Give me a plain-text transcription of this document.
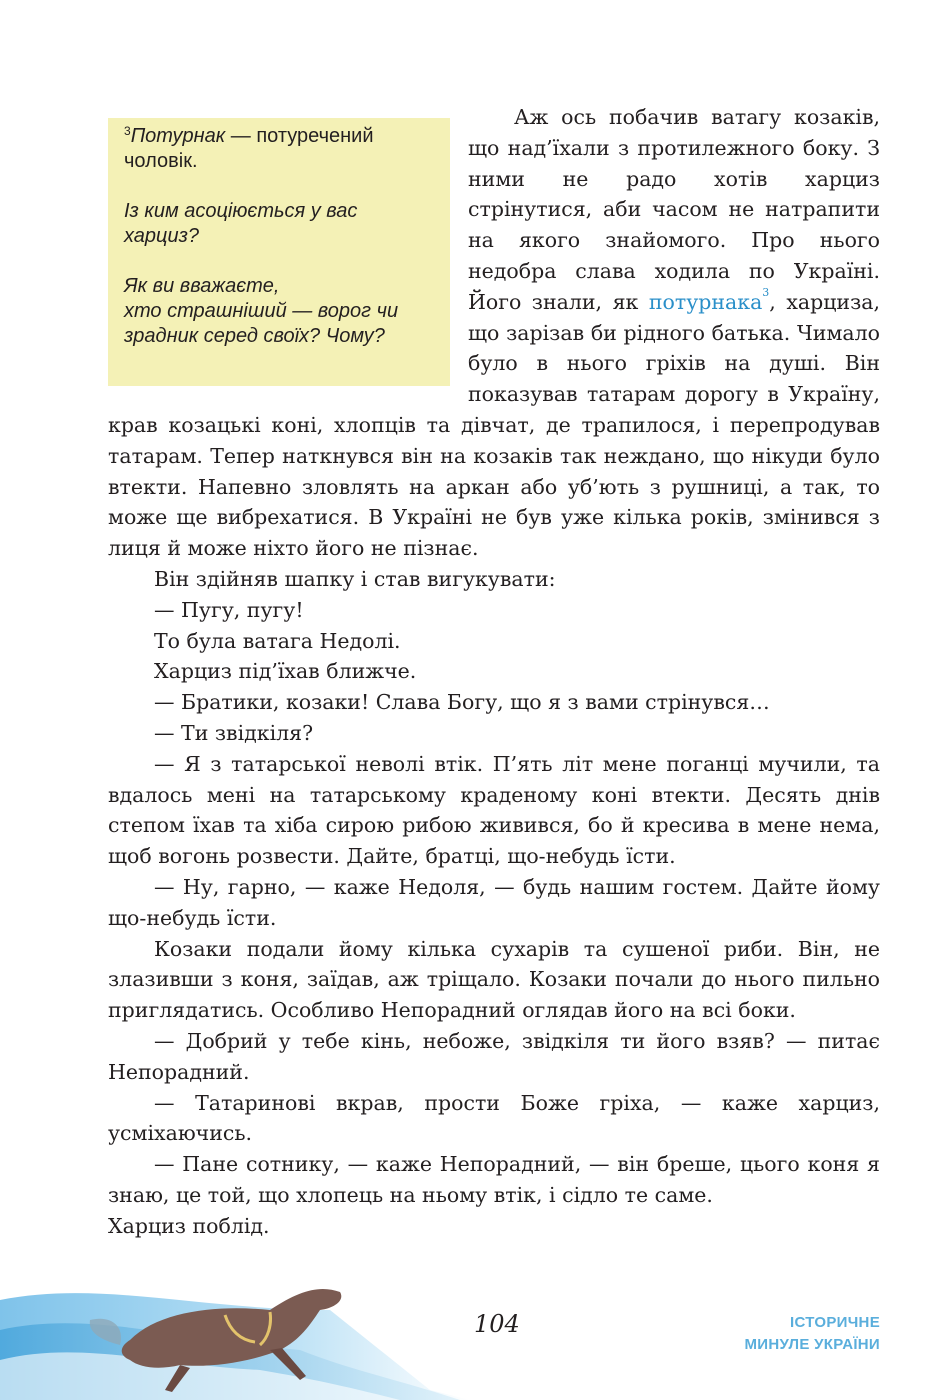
$^3$Потурнак — потуречений чоловік.

Із ким асоціюється у вас харциз?

Як ви вважаєте,
хто страшніший — ворог чи зрадник серед своїх? Чому?

Аж ось побачив ватагу козаків, що над’їхали з протилежного боку. З ними не радо хотів харциз стрінутися, аби часом не натрапити на якого знайомого. Про нього недобра слава ходила по Україні. Його знали, як потурнака$^3$, харциза, що зарізав би рідного батька. Чимало було в нього гріхів на душі. Він показував татарам дорогу в Україну, крав козацькі коні, хлопців та дівчат, де трапилося, і перепродував татарам. Тепер наткнувся він на козаків так неждано, що нікуди було втекти. Напевно зловлять на аркан або уб’ють з рушниці, а так, то може ще вибрехатися. В Україні не був уже кілька років, змінився з лиця й може ніхто його не пізнає.

Він здійняв шапку і став вигукувати:

— Пугу, пугу!

То була ватага Недолі.

Харциз під’їхав ближче.

— Братики, козаки! Слава Богу, що я з вами стрінувся…

— Ти звідкіля?

— Я з татарської неволі втік. П’ять літ мене поганці мучили, та вдалось мені на татарському краденому коні втекти. Десять днів степом їхав та хіба сирою рибою живився, бо й кресива в мене нема, щоб вогонь розвести. Дайте, братці, що-небудь їсти.

— Ну, гарно, — каже Недоля, — будь нашим гостем. Дайте йому що-небудь їсти.

Козаки подали йому кілька сухарів та сушеної риби. Він, не злазивши з коня, заїдав, аж тріщало. Козаки почали до нього пильно приглядатись. Особливо Непорадний оглядав його на всі боки.

— Добрий у тебе кінь, небоже, звідкіля ти його взяв? — питає Непорадний.

— Татаринові вкрав, прости Боже гріха, — каже харциз, усміхаючись.

— Пане сотнику, — каже Непорадний, — він бреше, цього коня я знаю, це той, що хлопець на ньому втік, і сідло те саме.

Харциз поблід.

104	ІСТОРИЧНЕ
МИНУЛЕ УКРАЇНИ
